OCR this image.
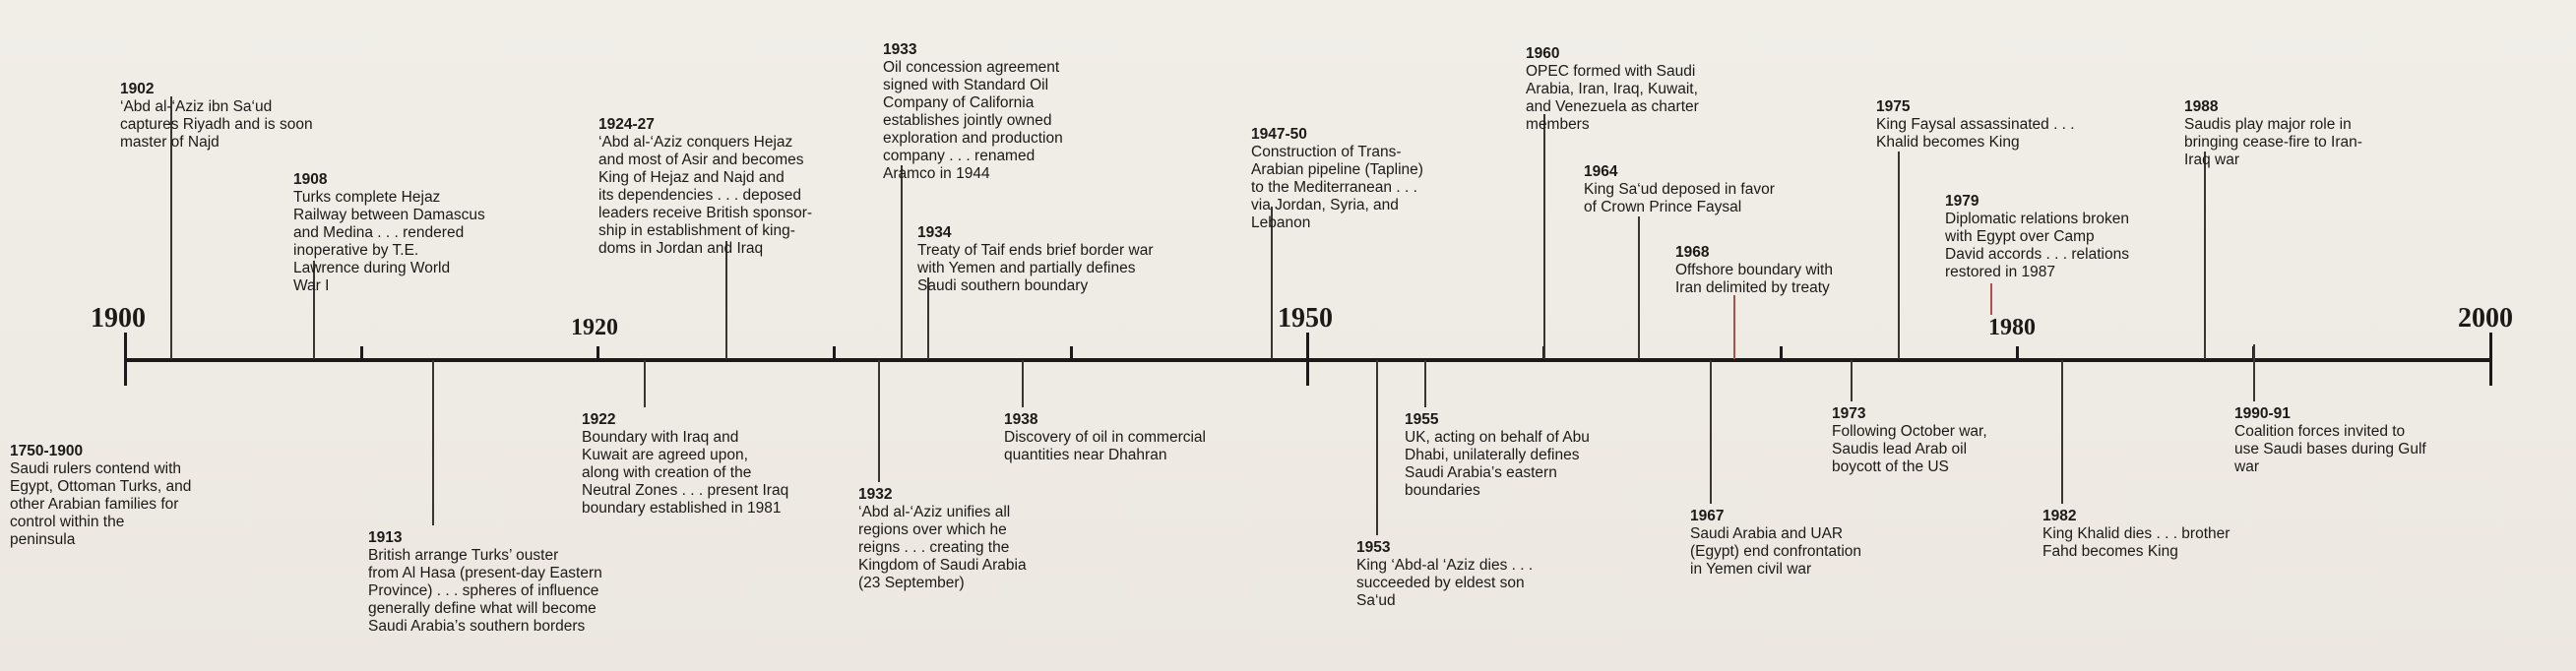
1900	1920	1950	1980	2000
1902
‘Abd al-‘Aziz ibn Sa‘ud
captures Riyadh and is soon
master of Najd
1908
Turks complete Hejaz
Railway between Damascus
and Medina . . . rendered
inoperative by T.E.
Lawrence during World
War I
1924-27
‘Abd al-‘Aziz conquers Hejaz
and most of Asir and becomes
King of Hejaz and Najd and
its dependencies . . . deposed
leaders receive British sponsor-
ship in establishment of king-
doms in Jordan and Iraq
1933
Oil concession agreement
signed with Standard Oil
Company of California
establishes jointly owned
exploration and production
company . . . renamed
Aramco in 1944
1934
Treaty of Taif ends brief border war
with Yemen and partially defines
Saudi southern boundary
1947-50
Construction of Trans-
Arabian pipeline (Tapline)
to the Mediterranean . . .
via Jordan, Syria, and
Lebanon
1960
OPEC formed with Saudi
Arabia, Iran, Iraq, Kuwait,
and Venezuela as charter
members
1964
King Sa‘ud deposed in favor
of Crown Prince Faysal
1968
Offshore boundary with
Iran delimited by treaty
1975
King Faysal assassinated . . .
Khalid becomes King
1979
Diplomatic relations broken
with Egypt over Camp
David accords . . . relations
restored in 1987
1988
Saudis play major role in
bringing cease-fire to Iran-
Iraq war
1750-1900
Saudi rulers contend with
Egypt, Ottoman Turks, and
other Arabian families for
control within the
peninsula	1913
British arrange Turks’ ouster
from Al Hasa (present-day Eastern
Province) . . . spheres of influence
generally define what will become
Saudi Arabia’s southern borders
1922
Boundary with Iraq and
Kuwait are agreed upon,
along with creation of the
Neutral Zones . . . present Iraq
boundary established in 1981
1932
‘Abd al-‘Aziz unifies all
regions over which he
reigns . . . creating the
Kingdom of Saudi Arabia
(23 September)
1938
Discovery of oil in commercial
quantities near Dhahran
1953
King ‘Abd-al ‘Aziz dies . . .
succeeded by eldest son
Sa‘ud
1955
UK, acting on behalf of Abu
Dhabi, unilaterally defines
Saudi Arabia’s eastern
boundaries
1967
Saudi Arabia and UAR
(Egypt) end confrontation
in Yemen civil war
1973
Following October war,
Saudis lead Arab oil
boycott of the US
1982
King Khalid dies . . . brother
Fahd becomes King
1990-91
Coalition forces invited to
use Saudi bases during Gulf
war
